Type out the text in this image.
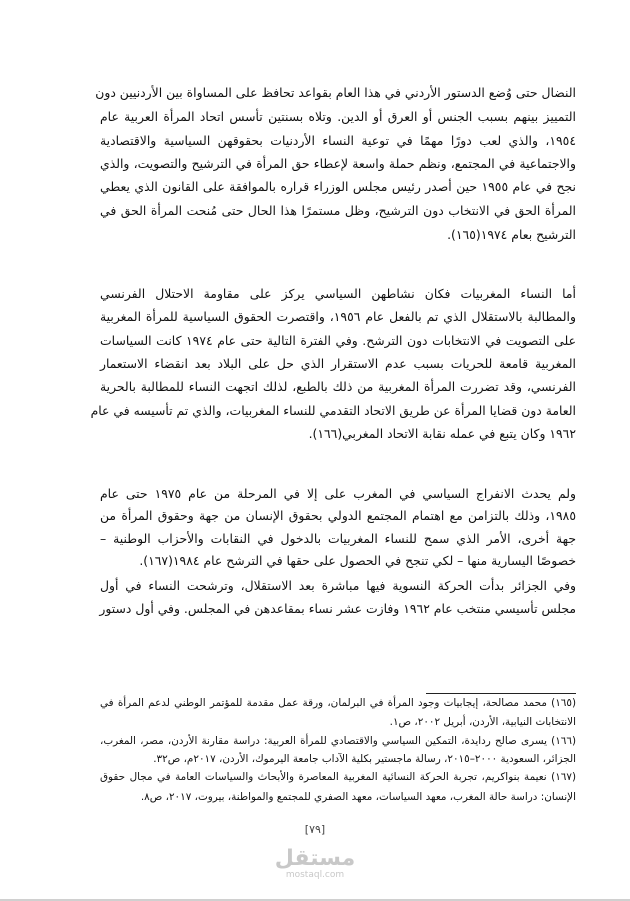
النضال حتى وُضع الدستور الأردني في هذا العام بقواعد تحافظ على المساواة بين الأردنيين دون
التمييز بينهم بسبب الجنس أو العرق أو الدين. وتلاه بسنتين تأسس اتحاد المرأة العربية عام
١٩٥٤، والذي لعب دورًا مهمًا في توعية النساء الأردنيات بحقوقهن السياسية والاقتصادية
والاجتماعية في المجتمع، ونظم حملة واسعة لإعطاء حق المرأة في الترشيح والتصويت، والذي
نجح في عام ١٩٥٥ حين أصدر رئيس مجلس الوزراء قراره بالموافقة على القانون الذي يعطي
المرأة الحق في الانتخاب دون الترشيح، وظل مستمرًا هذا الحال حتى مُنحت المرأة الحق في
الترشيح بعام ١٩٧٤(١٦٥).
أما النساء المغربيات فكان نشاطهن السياسي يركز على مقاومة الاحتلال الفرنسي
والمطالبة بالاستقلال الذي تم بالفعل عام ١٩٥٦، واقتصرت الحقوق السياسية للمرأة المغربية
على التصويت في الانتخابات دون الترشح. وفي الفترة التالية حتى عام ١٩٧٤ كانت السياسات
المغربية قامعة للحريات بسبب عدم الاستقرار الذي حل على البلاد بعد انقضاء الاستعمار
الفرنسي، وقد تضررت المرأة المغربية من ذلك بالطبع، لذلك اتجهت النساء للمطالبة بالحرية
العامة دون قضايا المرأة عن طريق الاتحاد التقدمي للنساء المغربيات، والذي تم تأسيسه في عام
١٩٦٢ وكان يتبع في عمله نقابة الاتحاد المغربي(١٦٦).
ولم يحدث الانفراج السياسي في المغرب على إلا في المرحلة من عام ١٩٧٥ حتى عام
١٩٨٥، وذلك بالتزامن مع اهتمام المجتمع الدولي بحقوق الإنسان من جهة وحقوق المرأة من
جهة أخرى، الأمر الذي سمح للنساء المغربيات بالدخول في النقابات والأحزاب الوطنية –
خصوصًا اليسارية منها – لكي تنجح في الحصول على حقها في الترشح عام ١٩٨٤(١٦٧).
وفي الجزائر بدأت الحركة النسوية فيها مباشرة بعد الاستقلال، وترشحت النساء في أول
مجلس تأسيسي منتخب عام ١٩٦٢ وفازت عشر نساء بمقاعدهن في المجلس. وفي أول دستور
(١٦٥) محمد مصالحة، إيجابيات وجود المرأة في البرلمان، ورقة عمل مقدمة للمؤتمر الوطني لدعم المرأة في
الانتخابات النيابية، الأردن، أبريل ٢٠٠٢، ص١.
(١٦٦) يسرى صالح ردايدة، التمكين السياسي والاقتصادي للمرأة العربية: دراسة مقارنة الأردن، مصر، المغرب،
الجزائر، السعودية ٢٠٠٠–٢٠١٥، رسالة ماجستير بكلية الآداب جامعة اليرموك، الأردن، ٢٠١٧م، ص٣٢.
(١٦٧) نعيمة بنواكريم، تجربة الحركة النسائية المغربية المعاصرة والأبحاث والسياسات العامة في مجال حقوق
الإنسان: دراسة حالة المغرب، معهد السياسات، معهد الصفري للمجتمع والمواطنة، بيروت، ٢٠١٧، ص٨.
[٧٩]
مستقل
mostaql.com
